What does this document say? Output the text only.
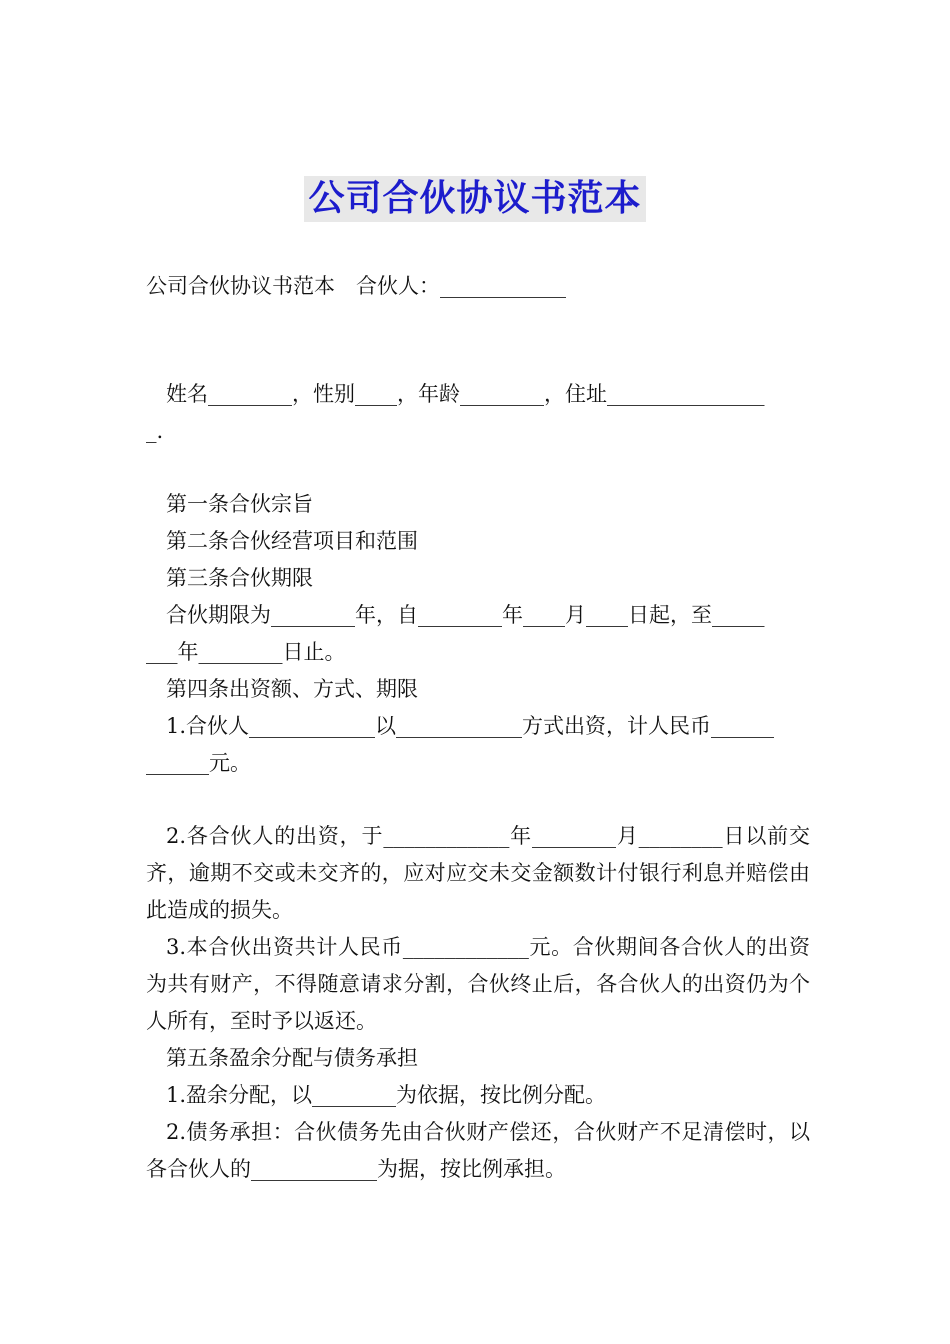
公司合伙协议书范本
公司合伙协议书范本　合伙人：____________
姓名________，性别____，年龄________，住址_______________
_.
第一条合伙宗旨
第二条合伙经营项目和范围
第三条合伙期限
合伙期限为________年，自________年____月____日起，至_____
___年________日止。
第四条出资额、方式、期限
1.合伙人____________以____________方式出资，计人民币______
______元。
2.各合伙人的出资，于____________年________月________日以前交齐，逾期不交或未交齐的，应对应交未交金额数计付银行利息并赔偿由此造成的损失。
3.本合伙出资共计人民币____________元。合伙期间各合伙人的出资为共有财产，不得随意请求分割，合伙终止后，各合伙人的出资仍为个人所有，至时予以返还。
第五条盈余分配与债务承担
1.盈余分配，以________为依据，按比例分配。
2.债务承担：合伙债务先由合伙财产偿还，合伙财产不足清偿时，以各合伙人的____________为据，按比例承担。
